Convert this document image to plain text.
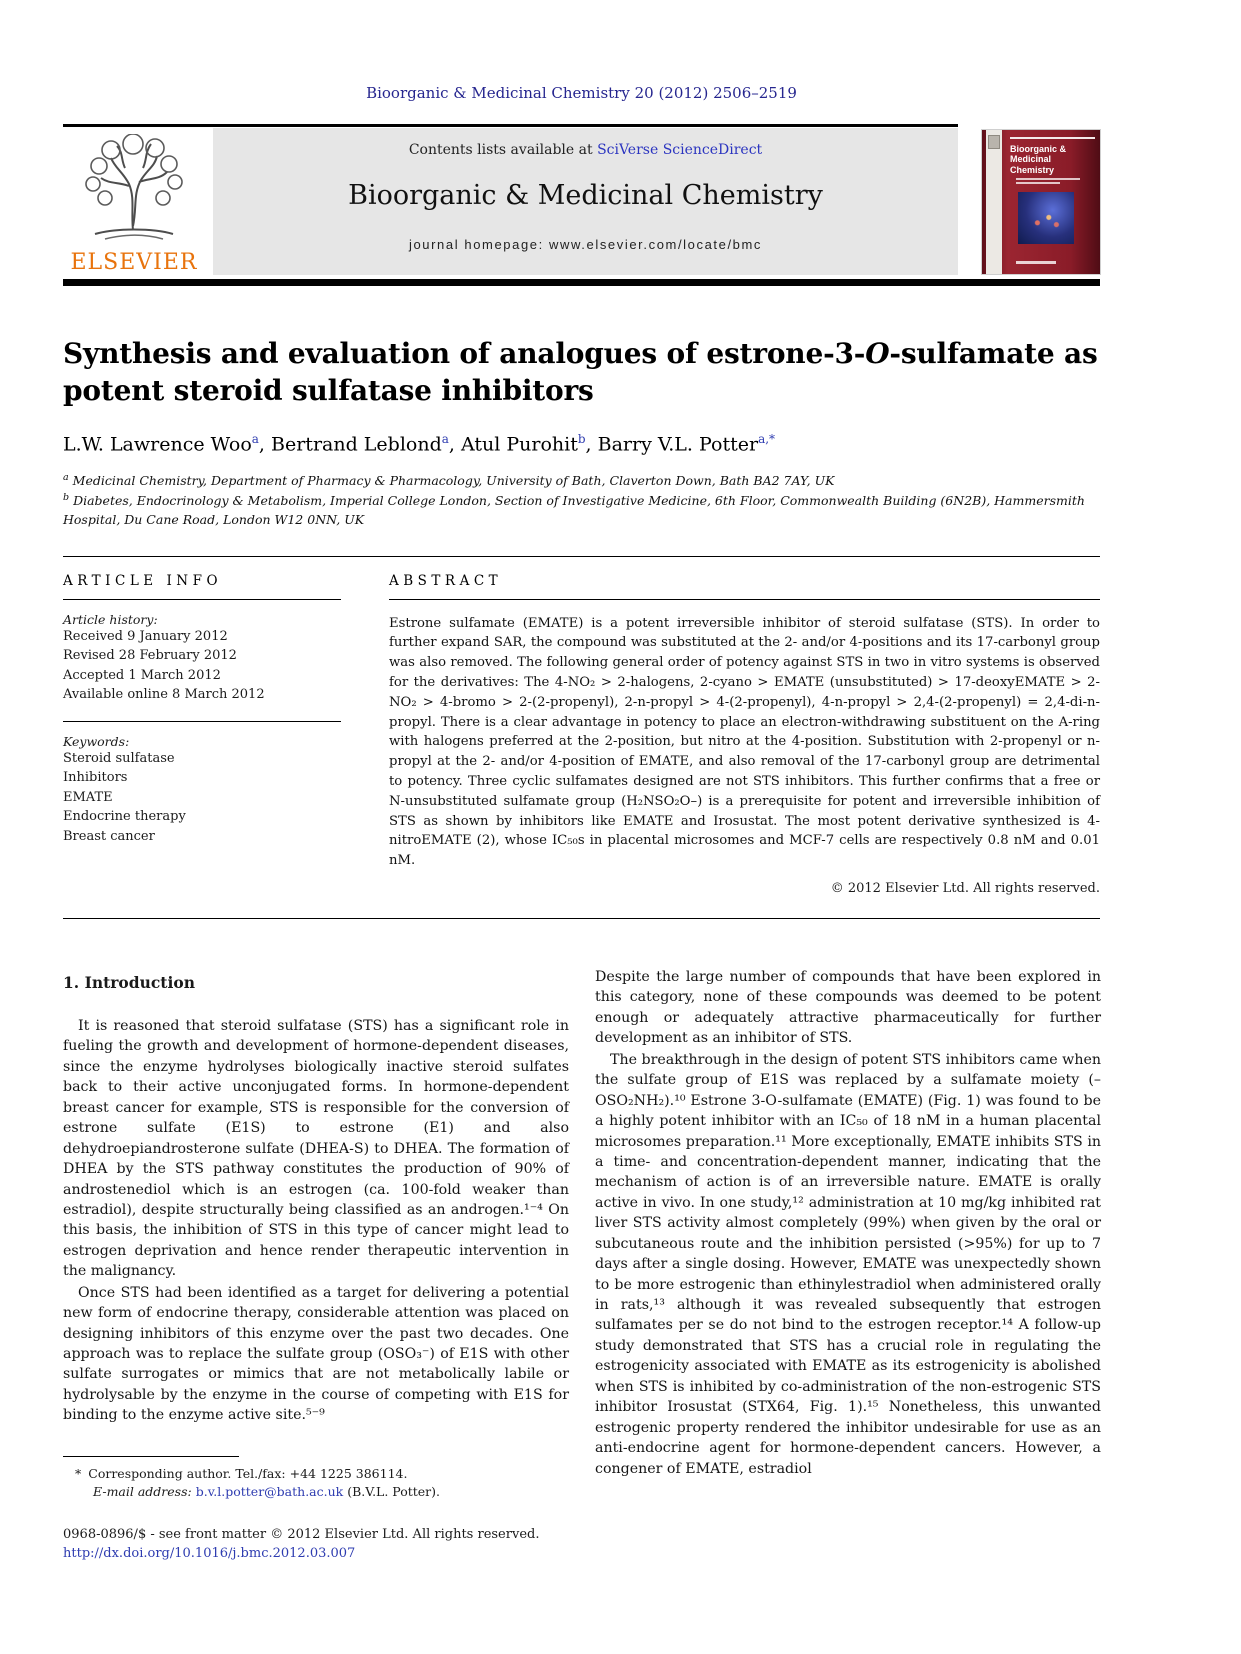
Bioorganic & Medicinal Chemistry 20 (2012) 2506–2519
ELSEVIER
Contents lists available at SciVerse ScienceDirect
Bioorganic & Medicinal Chemistry
journal homepage: www.elsevier.com/locate/bmc
Bioorganic & Medicinal Chemistry
Synthesis and evaluation of analogues of estrone-3-O-sulfamate as potent steroid sulfatase inhibitors
L.W. Lawrence Woo$^a$, Bertrand Leblond$^a$, Atul Purohit$^b$, Barry V.L. Potter$^{a,*}$
$^a$ Medicinal Chemistry, Department of Pharmacy & Pharmacology, University of Bath, Claverton Down, Bath BA2 7AY, UK
$^b$ Diabetes, Endocrinology & Metabolism, Imperial College London, Section of Investigative Medicine, 6th Floor, Commonwealth Building (6N2B), Hammersmith Hospital, Du Cane Road, London W12 0NN, UK
ARTICLE INFO
Article history:
Received 9 January 2012
Revised 28 February 2012
Accepted 1 March 2012
Available online 8 March 2012
Keywords:
Steroid sulfatase
Inhibitors
EMATE
Endocrine therapy
Breast cancer
ABSTRACT
Estrone sulfamate (EMATE) is a potent irreversible inhibitor of steroid sulfatase (STS). In order to further expand SAR, the compound was substituted at the 2- and/or 4-positions and its 17-carbonyl group was also removed. The following general order of potency against STS in two in vitro systems is observed for the derivatives: The 4-NO₂ > 2-halogens, 2-cyano > EMATE (unsubstituted) > 17-deoxyEMATE > 2-NO₂ > 4-bromo > 2-(2-propenyl), 2-n-propyl > 4-(2-propenyl), 4-n-propyl > 2,4-(2-propenyl) = 2,4-di-n-propyl. There is a clear advantage in potency to place an electron-withdrawing substituent on the A-ring with halogens preferred at the 2-position, but nitro at the 4-position. Substitution with 2-propenyl or n-propyl at the 2- and/or 4-position of EMATE, and also removal of the 17-carbonyl group are detrimental to potency. Three cyclic sulfamates designed are not STS inhibitors. This further confirms that a free or N-unsubstituted sulfamate group (H₂NSO₂O–) is a prerequisite for potent and irreversible inhibition of STS as shown by inhibitors like EMATE and Irosustat. The most potent derivative synthesized is 4-nitroEMATE (2), whose IC₅₀s in placental microsomes and MCF-7 cells are respectively 0.8 nM and 0.01 nM.
© 2012 Elsevier Ltd. All rights reserved.
1. Introduction

It is reasoned that steroid sulfatase (STS) has a significant role in fueling the growth and development of hormone-dependent diseases, since the enzyme hydrolyses biologically inactive steroid sulfates back to their active unconjugated forms. In hormone-dependent breast cancer for example, STS is responsible for the conversion of estrone sulfate (E1S) to estrone (E1) and also dehydroepiandrosterone sulfate (DHEA-S) to DHEA. The formation of DHEA by the STS pathway constitutes the production of 90% of androstenediol which is an estrogen (ca. 100-fold weaker than estradiol), despite structurally being classified as an androgen.¹⁻⁴ On this basis, the inhibition of STS in this type of cancer might lead to estrogen deprivation and hence render therapeutic intervention in the malignancy.

Once STS had been identified as a target for delivering a potential new form of endocrine therapy, considerable attention was placed on designing inhibitors of this enzyme over the past two decades. One approach was to replace the sulfate group (OSO₃⁻) of E1S with other sulfate surrogates or mimics that are not metabolically labile or hydrolysable by the enzyme in the course of competing with E1S for binding to the enzyme active site.⁵⁻⁹

* Corresponding author. Tel./fax: +44 1225 386114.
E-mail address: b.v.l.potter@bath.ac.uk (B.V.L. Potter).
0968-0896/$ - see front matter © 2012 Elsevier Ltd. All rights reserved.
http://dx.doi.org/10.1016/j.bmc.2012.03.007

Despite the large number of compounds that have been explored in this category, none of these compounds was deemed to be potent enough or adequately attractive pharmaceutically for further development as an inhibitor of STS.

The breakthrough in the design of potent STS inhibitors came when the sulfate group of E1S was replaced by a sulfamate moiety (–OSO₂NH₂).¹⁰ Estrone 3-O-sulfamate (EMATE) (Fig. 1) was found to be a highly potent inhibitor with an IC₅₀ of 18 nM in a human placental microsomes preparation.¹¹ More exceptionally, EMATE inhibits STS in a time- and concentration-dependent manner, indicating that the mechanism of action is of an irreversible nature. EMATE is orally active in vivo. In one study,¹² administration at 10 mg/kg inhibited rat liver STS activity almost completely (99%) when given by the oral or subcutaneous route and the inhibition persisted (>95%) for up to 7 days after a single dosing. However, EMATE was unexpectedly shown to be more estrogenic than ethinylestradiol when administered orally in rats,¹³ although it was revealed subsequently that estrogen sulfamates per se do not bind to the estrogen receptor.¹⁴ A follow-up study demonstrated that STS has a crucial role in regulating the estrogenicity associated with EMATE as its estrogenicity is abolished when STS is inhibited by co-administration of the non-estrogenic STS inhibitor Irosustat (STX64, Fig. 1).¹⁵ Nonetheless, this unwanted estrogenic property rendered the inhibitor undesirable for use as an anti-endocrine agent for hormone-dependent cancers. However, a congener of EMATE, estradiol
